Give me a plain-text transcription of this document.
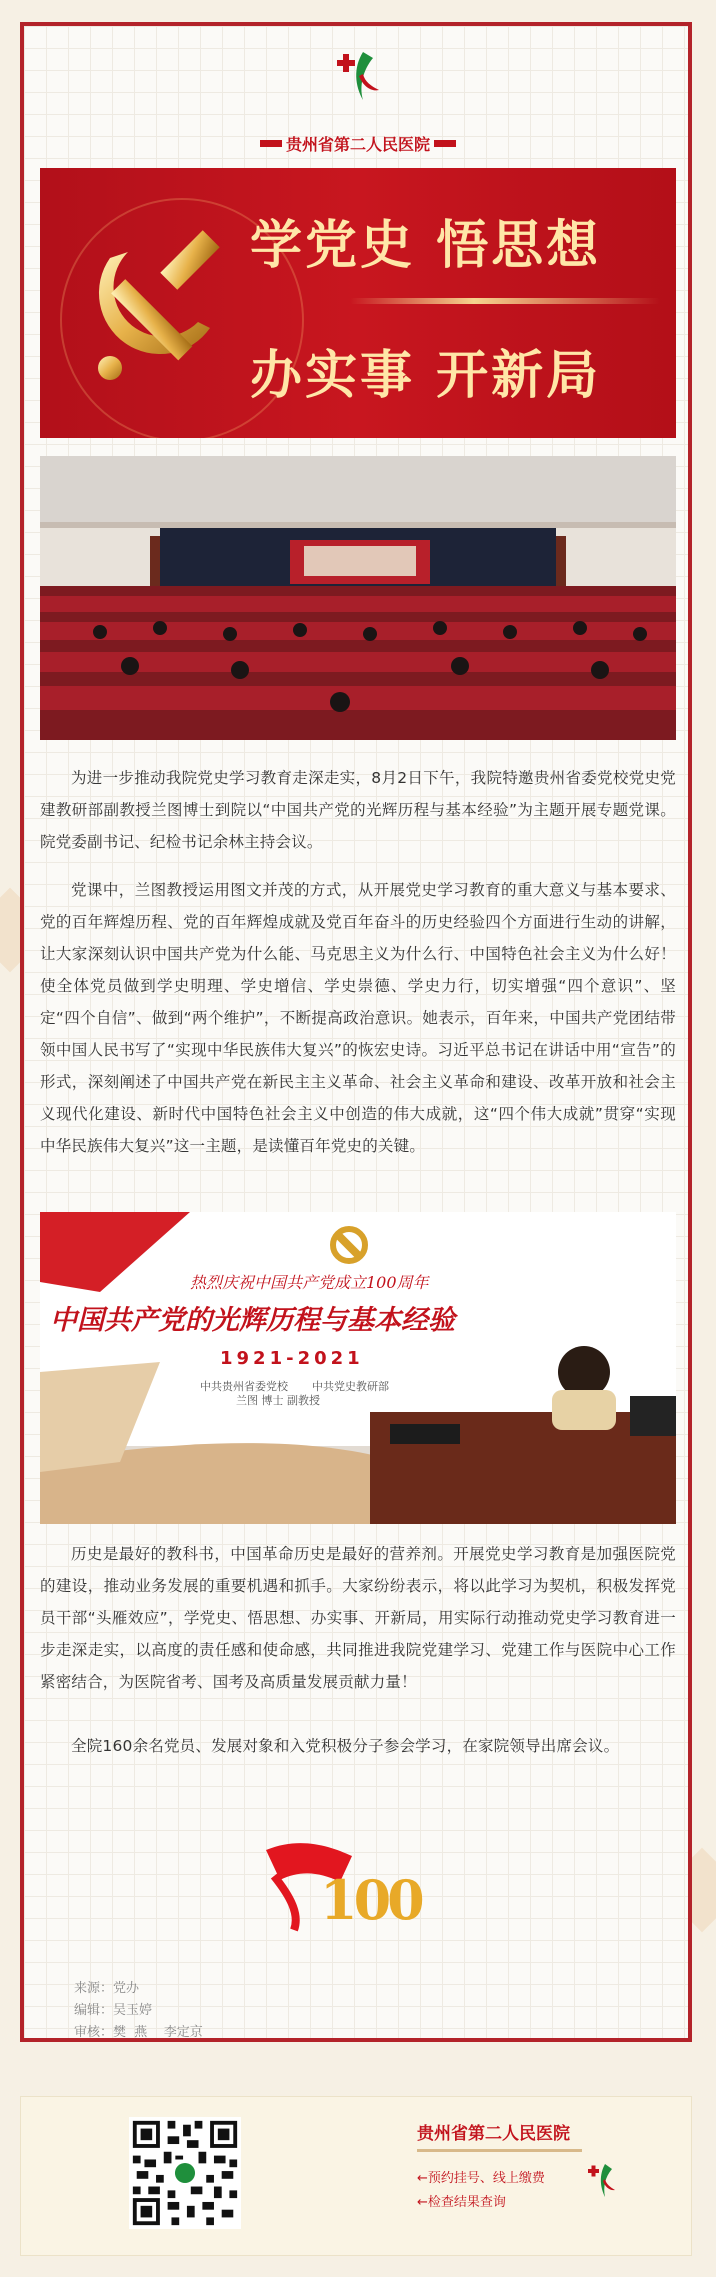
贵州省第二人民医院
学党史 悟思想
办实事 开新局

为进一步推动我院党史学习教育走深走实，8月2日下午，我院特邀贵州省委党校党史党建教研部副教授兰图博士到院以“中国共产党的光辉历程与基本经验”为主题开展专题党课。院党委副书记、纪检书记余林主持会议。

党课中，兰图教授运用图文并茂的方式，从开展党史学习教育的重大意义与基本要求、党的百年辉煌历程、党的百年辉煌成就及党百年奋斗的历史经验四个方面进行生动的讲解，让大家深刻认识中国共产党为什么能、马克思主义为什么行、中国特色社会主义为什么好！使全体党员做到学史明理、学史增信、学史崇德、学史力行，切实增强“四个意识”、坚定“四个自信”、做到“两个维护”，不断提高政治意识。她表示，百年来，中国共产党团结带领中国人民书写了“实现中华民族伟大复兴”的恢宏史诗。习近平总书记在讲话中用“宣告”的形式，深刻阐述了中国共产党在新民主主义革命、社会主义革命和建设、改革开放和社会主义现代化建设、新时代中国特色社会主义中创造的伟大成就，这“四个伟大成就”贯穿“实现中华民族伟大复兴”这一主题，是读懂百年党史的关键。

热烈庆祝中国共产党成立100周年
中国共产党的光辉历程与基本经验
1921-2021
中共贵州省委党校 中共党史教研部
兰图 博士 副教授

历史是最好的教科书，中国革命历史是最好的营养剂。开展党史学习教育是加强医院党的建设，推动业务发展的重要机遇和抓手。大家纷纷表示，将以此学习为契机，积极发挥党员干部“头雁效应”，学党史、悟思想、办实事、开新局，用实际行动推动党史学习教育进一步走深走实，以高度的责任感和使命感，共同推进我院党建学习、党建工作与医院中心工作紧密结合，为医院省考、国考及高质量发展贡献力量！

全院160余名党员、发展对象和入党积极分子参会学习，在家院领导出席会议。

100
来源：党办
编辑：吴玉婷
审核：樊  燕    李定京
贵州省第二人民医院
←预约挂号、线上缴费
←检查结果查询
